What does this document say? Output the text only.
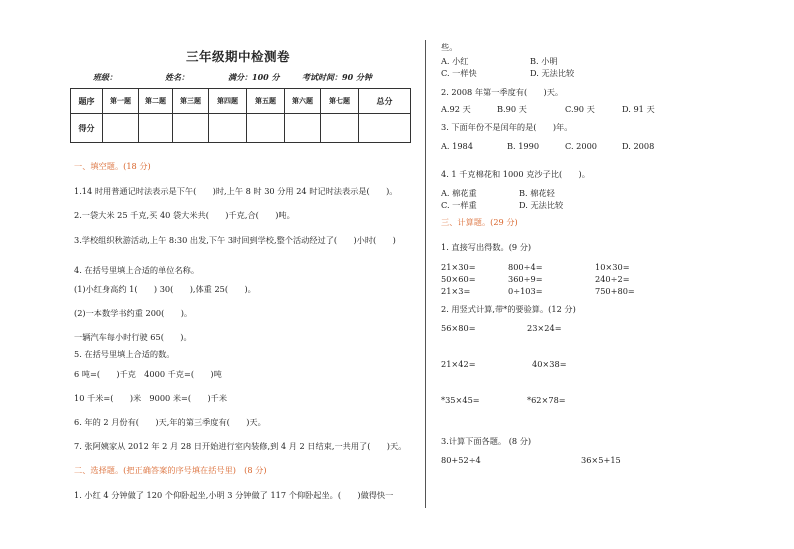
三年级期中检测卷
班级：	姓名：	满分：100 分	考试时间：90 分钟
题序	第一题	第二题	第三题	第四题	第五题	第六题	第七题	总分
得分								
一、填空题。(18 分)
1.14 时用普通记时法表示是下午(　　)时,上午 8 时 30 分用 24 时记时法表示是(　　)。
2.一袋大米 25 千克,买 40 袋大米共(　　)千克,合(　　)吨。
3.学校组织秋游活动,上午 8:30 出发,下午 3时回到学校,整个活动经过了(　　)小时(　　)
4. 在括号里填上合适的单位名称。
(1)小红身高约 1(　　) 30(　　),体重 25(　　)。
(2)一本数学书约重 200(　　)。
一辆汽车每小时行驶 65(　　)。
5. 在括号里填上合适的数。
6 吨=(　　)千克　4000 千克=(　　)吨
10 千米=(　　)米　9000 米=(　　)千米
6. 年的 2 月份有(　　)天,年的第三季度有(　　)天。
7. 张阿姨家从 2012 年 2 月 28 日开始进行室内装修,到 4 月 2 日结束,一共用了(　　)天。
二、选择题。(把正确答案的序号填在括号里)　(8 分)
1. 小红 4 分钟做了 120 个仰卧起坐,小明 3 分钟做了 117 个仰卧起坐。(　　)做得快一
些。
A. 小红	B. 小明
C. 一样快	D. 无法比较
2. 2008 年第一季度有(　　)天。
A.92 天	B.90 天	C.90 天	D. 91 天
3. 下面年份不是闰年的是(　　)年。
A. 1984	B. 1990	C. 2000	D. 2008
4. 1 千克棉花和 1000 克沙子比(　　)。
A. 棉花重	B. 棉花轻
C. 一样重	D. 无法比较
三、计算题。(29 分)
1. 直接写出得数。(9 分)
21×30=	800÷4=	10×30=
50×60=	360÷9=	240÷2=
21×3=	0÷103=	750+80=
2. 用竖式计算,带*的要验算。(12 分)
56×80=	23×24=
21×42=	40×38=
*35×45=	*62×78=
3.计算下面各题。 (8 分)
80+52÷4	36×5+15
